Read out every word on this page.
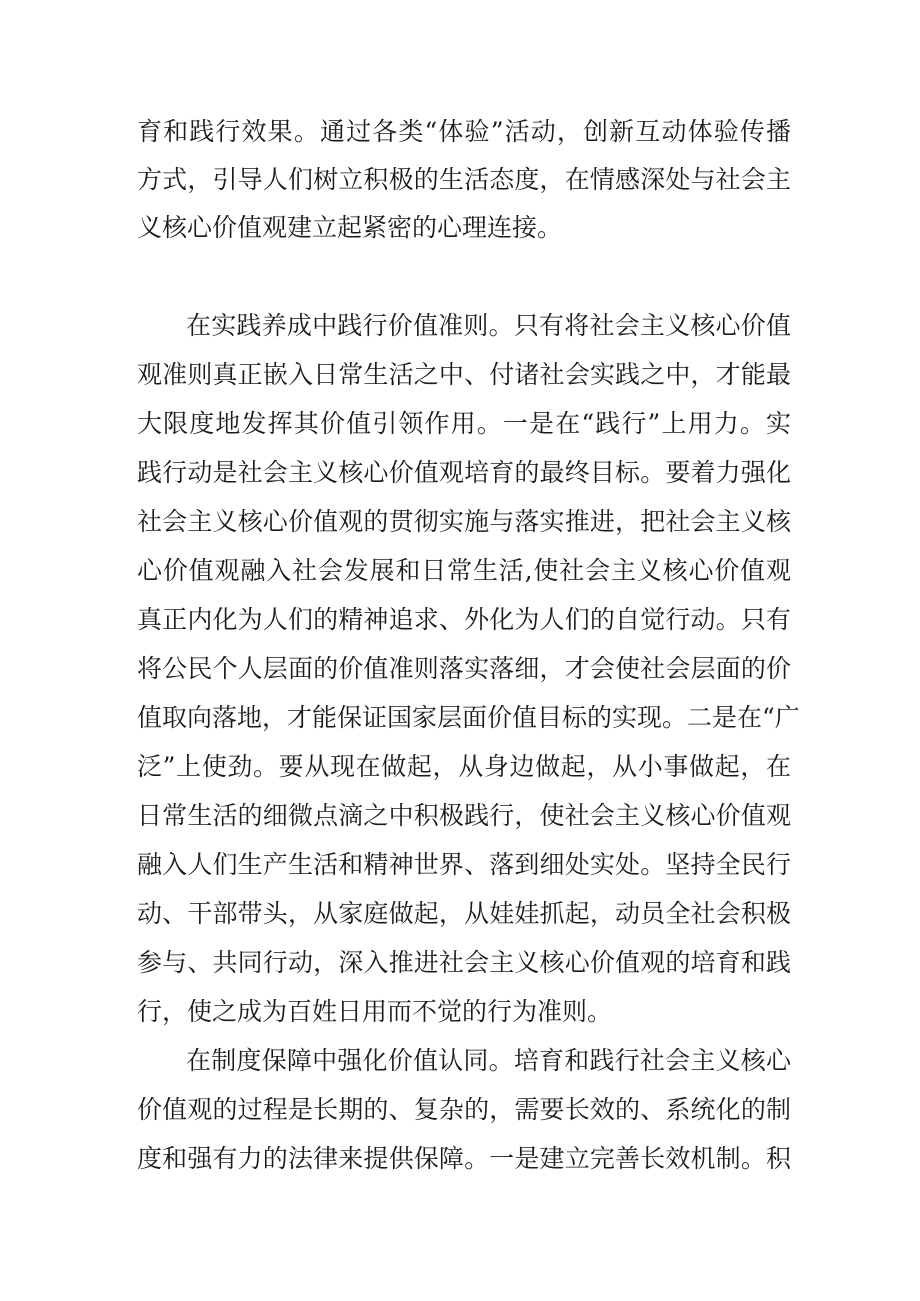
育和践行效果。通过各类“体验”活动，创新互动体验传播
方式，引导人们树立积极的生活态度，在情感深处与社会主
义核心价值观建立起紧密的心理连接。
在实践养成中践行价值准则。只有将社会主义核心价值
观准则真正嵌入日常生活之中、付诸社会实践之中，才能最
大限度地发挥其价值引领作用。一是在“践行”上用力。实
践行动是社会主义核心价值观培育的最终目标。要着力强化
社会主义核心价值观的贯彻实施与落实推进，把社会主义核
心价值观融入社会发展和日常生活,使社会主义核心价值观
真正内化为人们的精神追求、外化为人们的自觉行动。只有
将公民个人层面的价值准则落实落细，才会使社会层面的价
值取向落地，才能保证国家层面价值目标的实现。二是在“广
泛”上使劲。要从现在做起，从身边做起，从小事做起，在
日常生活的细微点滴之中积极践行，使社会主义核心价值观
融入人们生产生活和精神世界、落到细处实处。坚持全民行
动、干部带头，从家庭做起，从娃娃抓起，动员全社会积极
参与、共同行动，深入推进社会主义核心价值观的培育和践
行，使之成为百姓日用而不觉的行为准则。
在制度保障中强化价值认同。培育和践行社会主义核心
价值观的过程是长期的、复杂的，需要长效的、系统化的制
度和强有力的法律来提供保障。一是建立完善长效机制。积
